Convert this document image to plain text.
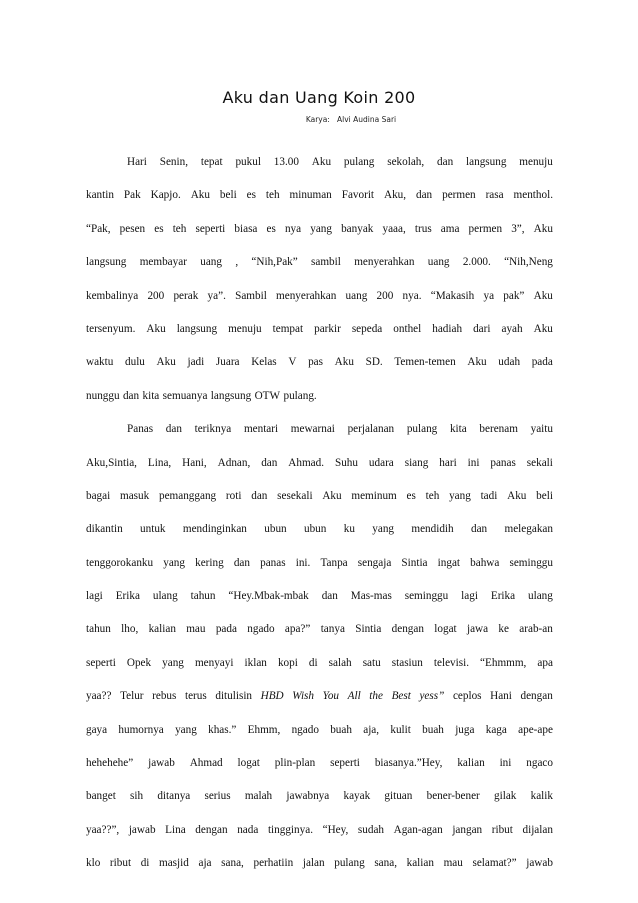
Aku dan Uang Koin 200
Karya: Alvi Audina Sari
Hari Senin, tepat pukul 13.00 Aku pulang sekolah, dan langsung menuju
kantin Pak Kapjo. Aku beli es teh minuman Favorit Aku, dan permen rasa menthol.
“Pak, pesen es teh seperti biasa es nya yang banyak yaaa, trus ama permen 3”, Aku
langsung membayar uang , “Nih,Pak” sambil menyerahkan uang 2.000. “Nih,Neng
kembalinya 200 perak ya”. Sambil menyerahkan uang 200 nya. “Makasih ya pak” Aku
tersenyum. Aku langsung menuju tempat parkir sepeda onthel hadiah dari ayah Aku
waktu dulu Aku jadi Juara Kelas V pas Aku SD. Temen-temen Aku udah pada
nunggu dan kita semuanya langsung OTW pulang.
Panas dan teriknya mentari mewarnai perjalanan pulang kita berenam yaitu
Aku,Sintia, Lina, Hani, Adnan, dan Ahmad. Suhu udara siang hari ini panas sekali
bagai masuk pemanggang roti dan sesekali Aku meminum es teh yang tadi Aku beli
dikantin untuk mendinginkan ubun ubun ku yang mendidih dan melegakan
tenggorokanku yang kering dan panas ini. Tanpa sengaja Sintia ingat bahwa seminggu
lagi Erika ulang tahun “Hey.Mbak-mbak dan Mas-mas seminggu lagi Erika ulang
tahun lho, kalian mau pada ngado apa?” tanya Sintia dengan logat jawa ke arab-an
seperti Opek yang menyayi iklan kopi di salah satu stasiun televisi. “Ehmmm, apa
yaa?? Telur rebus terus ditulisin HBD Wish You All the Best yess” ceplos Hani dengan
gaya humornya yang khas.” Ehmm, ngado buah aja, kulit buah juga kaga ape-ape
hehehehe” jawab Ahmad logat plin-plan seperti biasanya.”Hey, kalian ini ngaco
banget sih ditanya serius malah jawabnya kayak gituan bener-bener gilak kalik
yaa??”, jawab Lina dengan nada tingginya. “Hey, sudah Agan-agan jangan ribut dijalan
klo ribut di masjid aja sana, perhatiin jalan pulang sana, kalian mau selamat?” jawab
